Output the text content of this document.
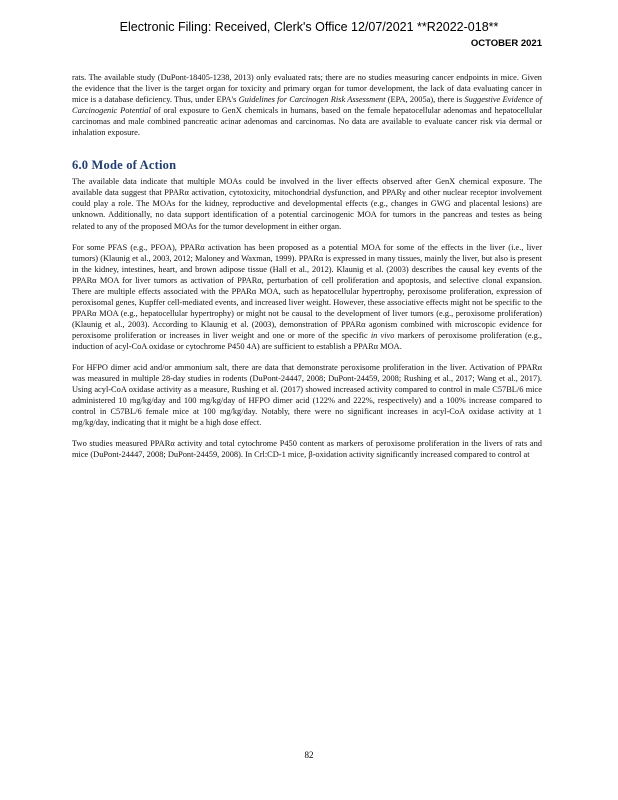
Electronic Filing: Received, Clerk's Office 12/07/2021 **R2022-018**
OCTOBER 2021

rats. The available study (DuPont-18405-1238, 2013) only evaluated rats; there are no studies measuring cancer endpoints in mice. Given the evidence that the liver is the target organ for toxicity and primary organ for tumor development, the lack of data evaluating cancer in mice is a database deficiency. Thus, under EPA's Guidelines for Carcinogen Risk Assessment (EPA, 2005a), there is Suggestive Evidence of Carcinogenic Potential of oral exposure to GenX chemicals in humans, based on the female hepatocellular adenomas and hepatocellular carcinomas and male combined pancreatic acinar adenomas and carcinomas. No data are available to evaluate cancer risk via dermal or inhalation exposure.

6.0 Mode of Action

The available data indicate that multiple MOAs could be involved in the liver effects observed after GenX chemical exposure. The available data suggest that PPARα activation, cytotoxicity, mitochondrial dysfunction, and PPARγ and other nuclear receptor involvement could play a role. The MOAs for the kidney, reproductive and developmental effects (e.g., changes in GWG and placental lesions) are unknown. Additionally, no data support identification of a potential carcinogenic MOA for tumors in the pancreas and testes as being related to any of the proposed MOAs for the tumor development in either organ.

For some PFAS (e.g., PFOA), PPARα activation has been proposed as a potential MOA for some of the effects in the liver (i.e., liver tumors) (Klaunig et al., 2003, 2012; Maloney and Waxman, 1999). PPARα is expressed in many tissues, mainly the liver, but also is present in the kidney, intestines, heart, and brown adipose tissue (Hall et al., 2012). Klaunig et al. (2003) describes the causal key events of the PPARα MOA for liver tumors as activation of PPARα, perturbation of cell proliferation and apoptosis, and selective clonal expansion. There are multiple effects associated with the PPARα MOA, such as hepatocellular hypertrophy, peroxisome proliferation, expression of peroxisomal genes, Kupffer cell-mediated events, and increased liver weight. However, these associative effects might not be specific to the PPARα MOA (e.g., hepatocellular hypertrophy) or might not be causal to the development of liver tumors (e.g., peroxisome proliferation) (Klaunig et al., 2003). According to Klaunig et al. (2003), demonstration of PPARα agonism combined with microscopic evidence for peroxisome proliferation or increases in liver weight and one or more of the specific in vivo markers of peroxisome proliferation (e.g., induction of acyl-CoA oxidase or cytochrome P450 4A) are sufficient to establish a PPARα MOA.

For HFPO dimer acid and/or ammonium salt, there are data that demonstrate peroxisome proliferation in the liver. Activation of PPARα was measured in multiple 28-day studies in rodents (DuPont-24447, 2008; DuPont-24459, 2008; Rushing et al., 2017; Wang et al., 2017). Using acyl-CoA oxidase activity as a measure, Rushing et al. (2017) showed increased activity compared to control in male C57BL/6 mice administered 10 mg/kg/day and 100 mg/kg/day of HFPO dimer acid (122% and 222%, respectively) and a 100% increase compared to control in C57BL/6 female mice at 100 mg/kg/day. Notably, there were no significant increases in acyl-CoA oxidase activity at 1 mg/kg/day, indicating that it might be a high dose effect.

Two studies measured PPARα activity and total cytochrome P450 content as markers of peroxisome proliferation in the livers of rats and mice (DuPont-24447, 2008; DuPont-24459, 2008). In Crl:CD-1 mice, β-oxidation activity significantly increased compared to control at

82
